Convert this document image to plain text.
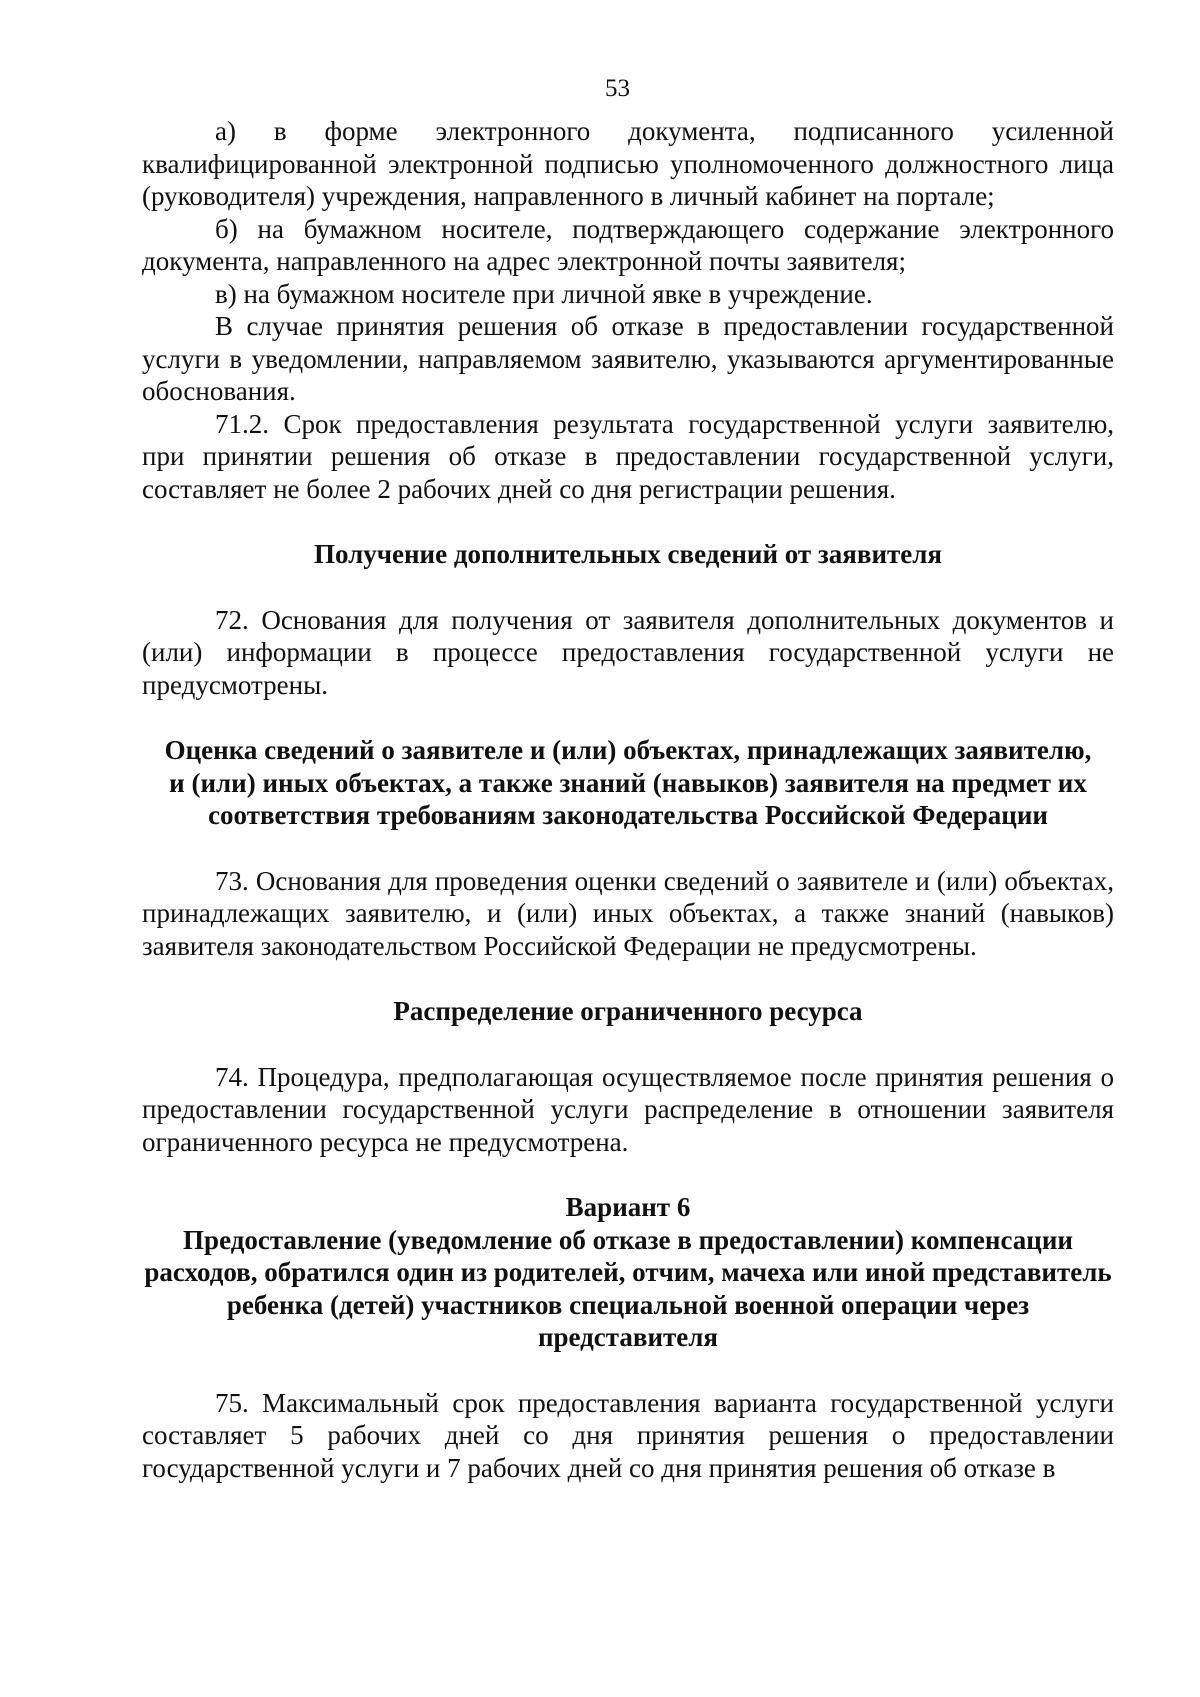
53

а) в форме электронного документа, подписанного усиленной квалифицированной электронной подписью уполномоченного должностного лица (руководителя) учреждения, направленного в личный кабинет на портале;

б) на бумажном носителе, подтверждающего содержание электронного документа, направленного на адрес электронной почты заявителя;

в) на бумажном носителе при личной явке в учреждение.

В случае принятия решения об отказе в предоставлении государственной услуги в уведомлении, направляемом заявителю, указываются аргументированные обоснования.

71.2. Срок предоставления результата государственной услуги заявителю, при принятии решения об отказе в предоставлении государственной услуги, составляет не более 2 рабочих дней со дня регистрации решения.

Получение дополнительных сведений от заявителя

72. Основания для получения от заявителя дополнительных документов и (или) информации в процессе предоставления государственной услуги не предусмотрены.

Оценка сведений о заявителе и (или) объектах, принадлежащих заявителю, и (или) иных объектах, а также знаний (навыков) заявителя на предмет их соответствия требованиям законодательства Российской Федерации

73. Основания для проведения оценки сведений о заявителе и (или) объектах, принадлежащих заявителю, и (или) иных объектах, а также знаний (навыков) заявителя законодательством Российской Федерации не предусмотрены.

Распределение ограниченного ресурса

74. Процедура, предполагающая осуществляемое после принятия решения о предоставлении государственной услуги распределение в отношении заявителя ограниченного ресурса не предусмотрена.

Вариант 6
Предоставление (уведомление об отказе в предоставлении) компенсации расходов, обратился один из родителей, отчим, мачеха или иной представитель ребенка (детей) участников специальной военной операции через представителя

75. Максимальный срок предоставления варианта государственной услуги составляет 5 рабочих дней со дня принятия решения о предоставлении государственной услуги и 7 рабочих дней со дня принятия решения об отказе в
